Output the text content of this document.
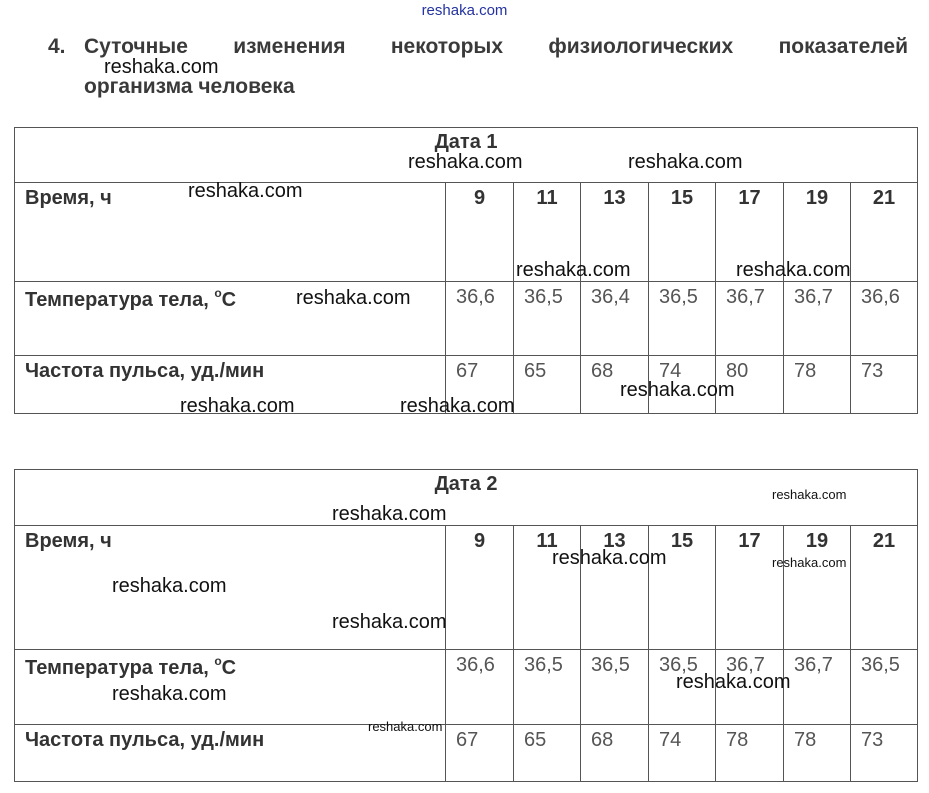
reshaka.com
4. Суточные изменения некоторых физиологических показателей
организма человека
Дата 1							
Время, ч	9	11	13	15	17	19	21
Температура тела, $^o$C	36,6	36,5	36,4	36,5	36,7	36,7	36,6
Частота пульса, уд./мин	67	65	68	74	80	78	73
Дата 2							
Время, ч	9	11	13	15	17	19	21
Температура тела, $^o$C	36,6	36,5	36,5	36,5	36,7	36,7	36,5
Частота пульса, уд./мин	67	65	68	74	78	78	73
reshaka.com
reshaka.com	reshaka.com
reshaka.com
reshaka.com	reshaka.com
reshaka.com
reshaka.com
reshaka.com	reshaka.com
reshaka.com
reshaka.com
reshaka.com	reshaka.com
reshaka.com
reshaka.com
reshaka.com
reshaka.com
reshaka.com
